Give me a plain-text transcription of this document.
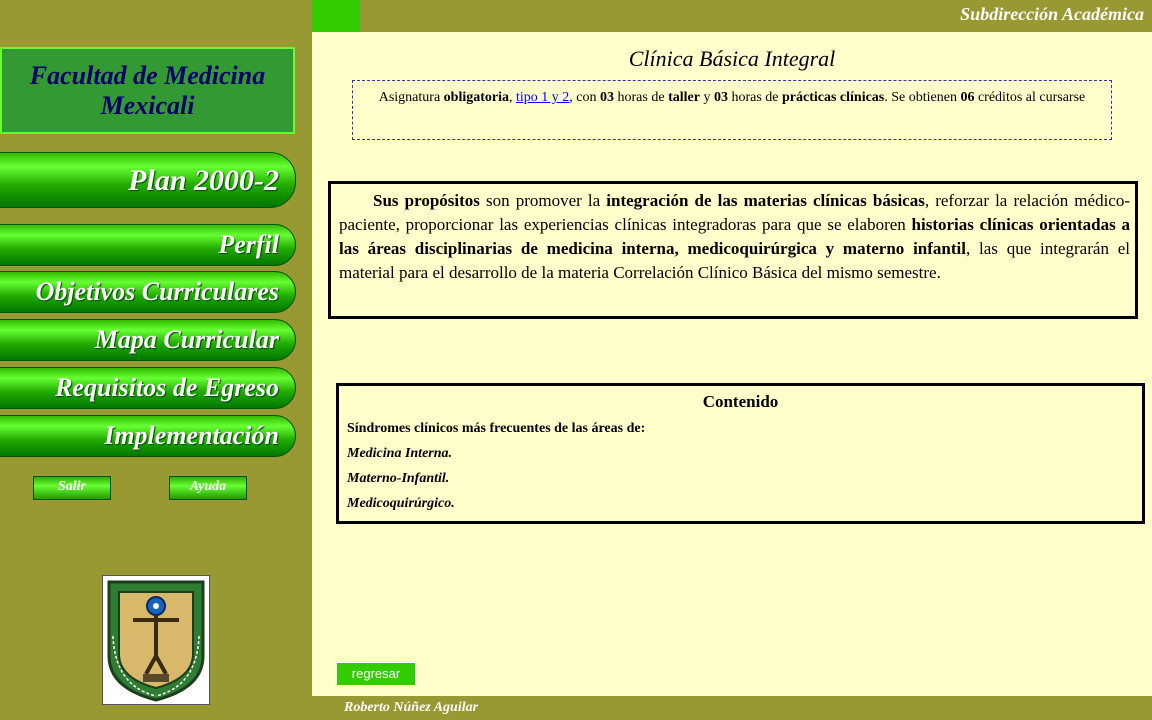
Subdirección Académica
Roberto Núñez Aguilar
Facultad de Medicina
Mexicali
Plan 2000-2
Perfil
Objetivos Curriculares
Mapa Curricular
Requisitos de Egreso
Implementación
Salir	Ayuda
Clínica Básica Integral
Asignatura obligatoria, tipo 1 y 2, con 03 horas de taller y 03 horas de prácticas clínicas. Se obtienen 06 créditos al cursarse
Sus propósitos son promover la integración de las materias clínicas básicas, reforzar la relación médico-paciente, proporcionar las experiencias clínicas integradoras para que se elaboren historias clínicas orientadas a las áreas disciplinarias de medicina interna, medicoquirúrgica y materno infantil, las que integrarán el material para el desarrollo de la materia Correlación Clínico Básica del mismo semestre.
Contenido
Síndromes clínicos más frecuentes de las áreas de:
Medicina Interna.
Materno-Infantil.
Medicoquirúrgico.
regresar
